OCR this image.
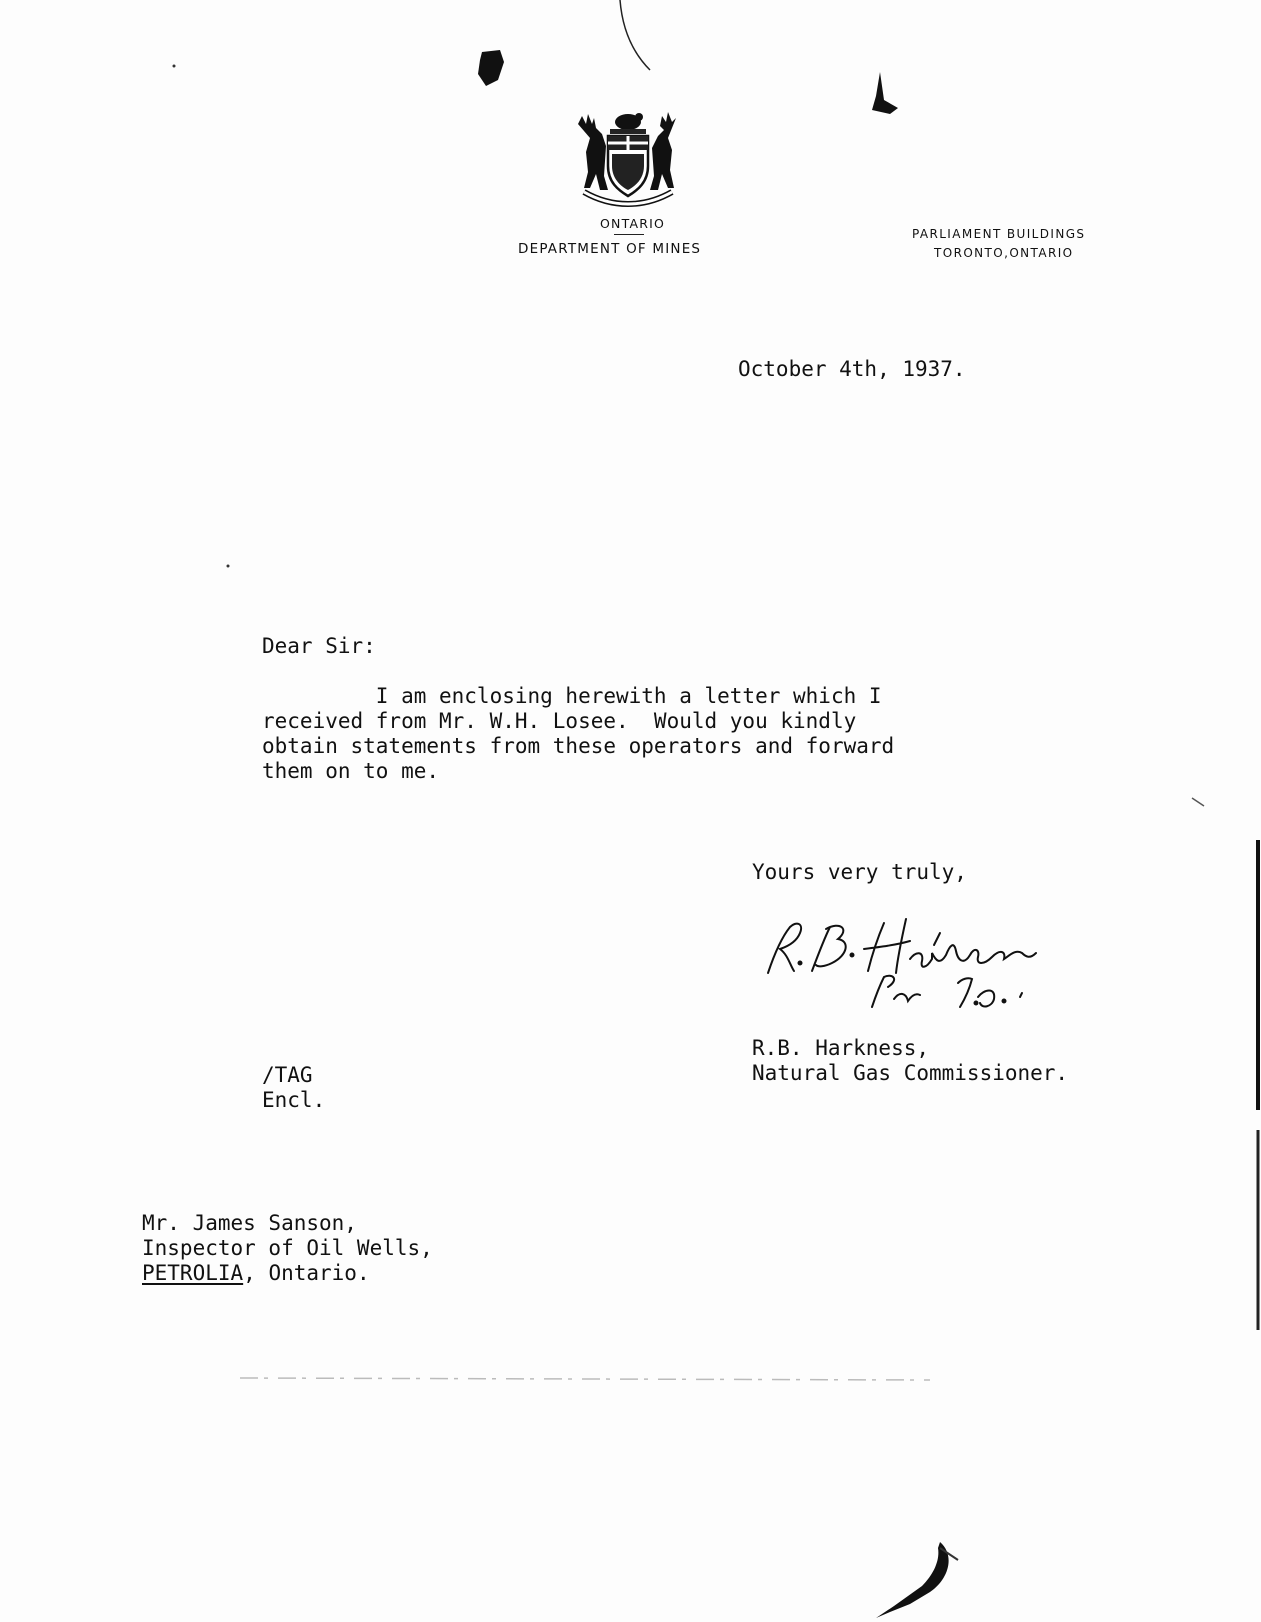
ONTARIO
DEPARTMENT OF MINES
PARLIAMENT BUILDINGS
TORONTO,ONTARIO
October 4th, 1937.
Dear Sir:
I am enclosing herewith a letter which I
received from Mr. W.H. Losee.  Would you kindly
obtain statements from these operators and forward
them on to me.
Yours very truly,
R.B. Harkness,
Natural Gas Commissioner.
/TAG
Encl.
Mr. James Sanson,
Inspector of Oil Wells,
PETROLIA, Ontario.
